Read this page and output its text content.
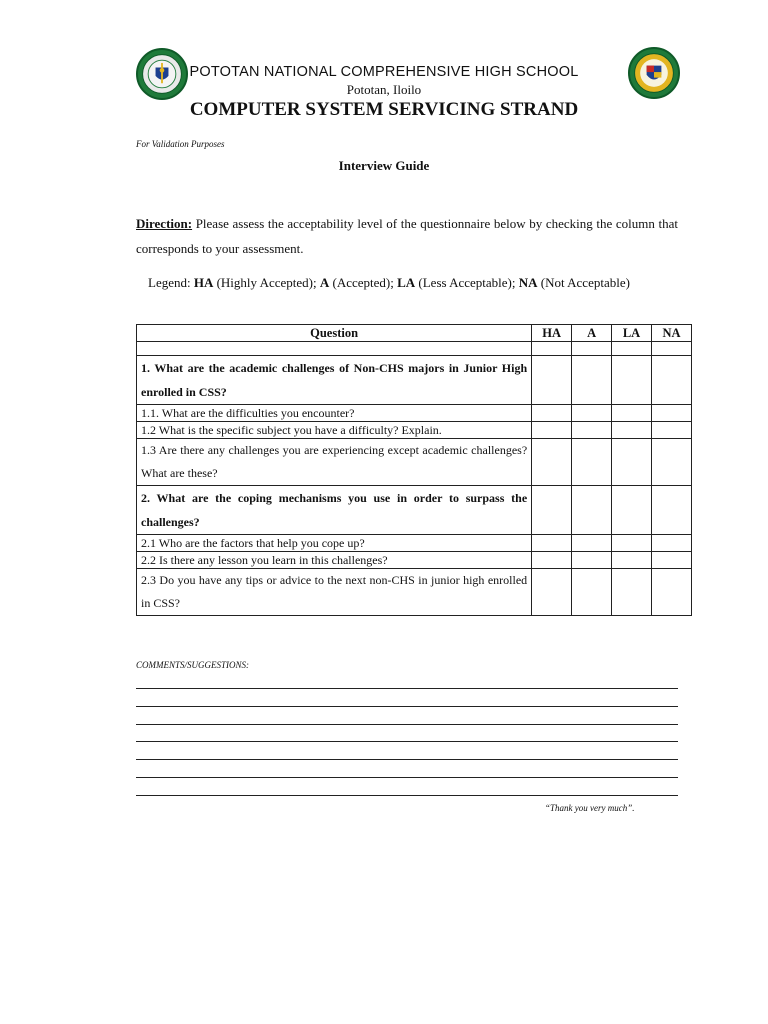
POTOTAN NATIONAL COMPREHENSIVE HIGH SCHOOL
Pototan, Iloilo
COMPUTER SYSTEM SERVICING STRAND
For Validation Purposes
Interview Guide
Direction: Please assess the acceptability level of the questionnaire below by checking the column that corresponds to your assessment.
Legend: HA (Highly Accepted); A (Accepted); LA (Less Acceptable); NA (Not Acceptable)
Question	HA	A	LA	NA

1. What are the academic challenges of Non-CHS majors in Junior High enrolled in CSS?				
1.1. What are the difficulties you encounter?				
1.2 What is the specific subject you have a difficulty? Explain.				
1.3 Are there any challenges you are experiencing except academic challenges? What are these?				
2. What are the coping mechanisms you use in order to surpass the challenges?				
2.1 Who are the factors that help you cope up?				
2.2 Is there any lesson you learn in this challenges?				
2.3 Do you have any tips or advice to the next non-CHS in junior high enrolled in CSS?				
COMMENTS/SUGGESTIONS:
“Thank you very much”.
